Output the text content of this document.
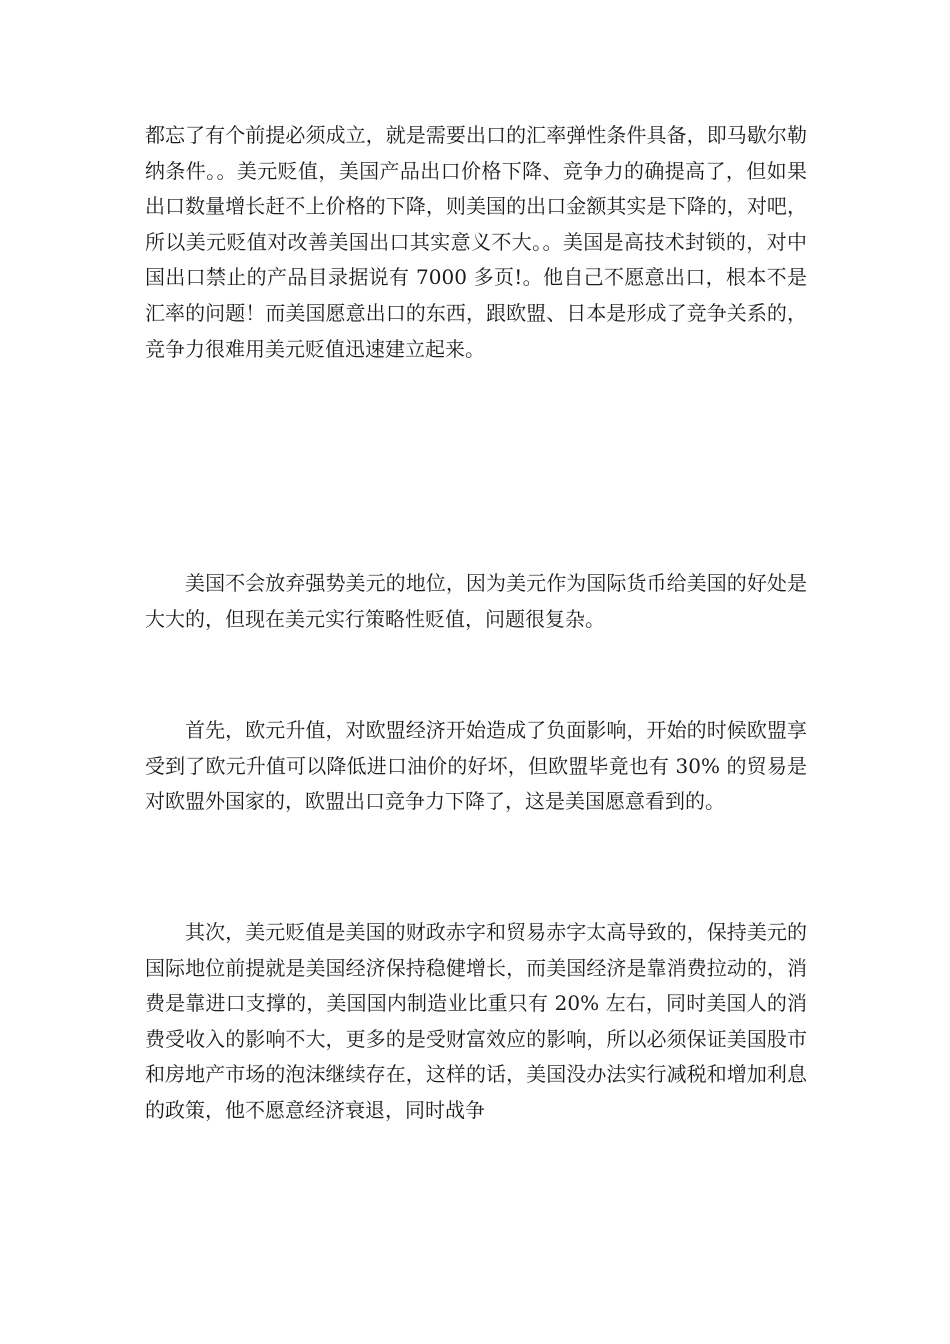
都忘了有个前提必须成立，就是需要出口的汇率弹性条件具备，即马歇尔勒纳条件。。美元贬值，美国产品出口价格下降、竞争力的确提高了，但如果出口数量增长赶不上价格的下降，则美国的出口金额其实是下降的，对吧，所以美元贬值对改善美国出口其实意义不大。。美国是高技术封锁的，对中国出口禁止的产品目录据说有 7000 多页!。他自己不愿意出口，根本不是汇率的问题！而美国愿意出口的东西，跟欧盟、日本是形成了竞争关系的，竞争力很难用美元贬值迅速建立起来。

美国不会放弃强势美元的地位，因为美元作为国际货币给美国的好处是大大的，但现在美元实行策略性贬值，问题很复杂。

首先，欧元升值，对欧盟经济开始造成了负面影响，开始的时候欧盟享受到了欧元升值可以降低进口油价的好坏，但欧盟毕竟也有 30% 的贸易是对欧盟外国家的，欧盟出口竞争力下降了，这是美国愿意看到的。

其次，美元贬值是美国的财政赤字和贸易赤字太高导致的，保持美元的国际地位前提就是美国经济保持稳健增长，而美国经济是靠消费拉动的，消费是靠进口支撑的，美国国内制造业比重只有 20% 左右，同时美国人的消费受收入的影响不大，更多的是受财富效应的影响，所以必须保证美国股市和房地产市场的泡沫继续存在，这样的话，美国没办法实行减税和增加利息的政策，他不愿意经济衰退，同时战争
